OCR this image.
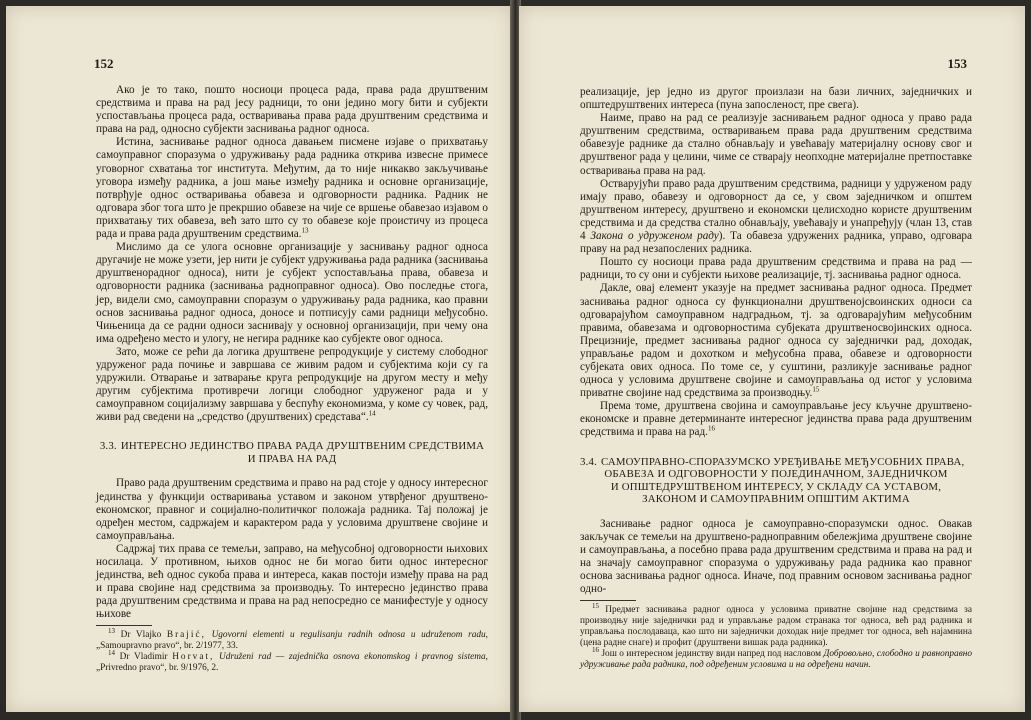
152

Ако је то тако, пошто носиоци процеса рада, права рада друштвеним средствима и права на рад јесу радници, то они једино могу бити и субјекти успостављања процеса рада, остваривања права рада друштвеним средствима и права на рад, односно субјекти заснивања радног односа.

Истина, заснивање радног односа давањем писмене изјаве о прихватању самоуправног споразума о удруживању рада радника открива извесне примесе уговорног схватања тог института. Међутим, да то није никакво закључивање уговора између радника, а још мање између радника и основне организације, потврђује однос остваривања обавеза и одговорности радника. Радник не одговара због тога што је прекршио обавезе на чије се вршење обавезао изјавом о прихватању тих обавеза, већ зато што су то обавезе које проистичу из процеса рада и права рада друштвеним средствима.$^{13}$

Мислимо да се улога основне организације у заснивању радног односа другачије не може узети, јер нити је субјект удруживања рада радника (заснивања друштвенорадног односа), нити је субјект успостављања права, обавеза и одговорности радника (заснивања радноправног односа). Ово последње стога, јер, видели смо, самоуправни споразум о удруживању рада радника, као правни основ заснивања радног односа, доносе и потписују сами радници међусобно. Чињеница да се радни односи заснивају у основној организацији, при чему она има одређено место и улогу, не негира раднике као субјекте овог односа.

Зато, може се рећи да логика друштвене репродукције у систему слободног удруженог рада почиње и завршава се живим радом и субјектима који су га удружили. Отварање и затварање круга репродукције на другом месту и међу другим субјектима противречи логици слободног удруженог рада и у самоуправном социјализму завршава у беспућу економизма, у коме су човек, рад, живи рад сведени на „средство (друштвених) средстава“.$^{14}$

3.3. ИНТЕРЕСНО ЈЕДИНСТВО ПРАВА РАДА ДРУШТВЕНИМ СРЕДСТВИМА
И ПРАВА НА РАД

Право рада друштвеним средствима и право на рад стоје у односу интересног јединства у функцији остваривања уставом и законом утврђеног друштвено-економског, правног и социјално-политичког положаја радника. Тај положај је одређен местом, садржајем и карактером рада у условима друштвене својине и самоуправљања.

Садржај тих права се темељи, заправо, на међусобној одговорности њихових носилаца. У противном, њихов однос не би могао бити однос интересног јединства, већ однос сукоба права и интереса, какав постоји између права на рад и права својине над средствима за производњу. То интересно јединство права рада друштвеним средствима и права на рад непосредно се манифестује у односу њихове

$^{13}$ Dr Vlajko Brajić, Ugovorni elementi u regulisanju radnih odnosa u udruženom radu, „Samoupravno pravo“, br. 2/1977, 33.

$^{14}$ Dr Vladimir Horvat, Udruženi rad — zajednička osnova ekonomskog i pravnog sistema, „Privredno pravo“, br. 9/1976, 2.

153

реализације, јер једно из другог произлази на бази личних, заједничких и општедруштвених интереса (пуна запосленост, пре свега).

Наиме, право на рад се реализује заснивањем радног односа у право рада друштвеним средствима, остваривањем права рада друштвеним средствима обавезује раднике да стално обнављају и увећавају материјалну основу свог и друштвеног рада у целини, чиме се стварају неопходне материјалне претпоставке остваривања права на рад.

Остварујући право рада друштвеним средствима, радници у удруженом раду имају право, обавезу и одговорност да се, у свом заједничком и општем друштвеном интересу, друштвено и економски целисходно користе друштвеним средствима и да средства стално обнављају, увећавају и унапређују (члан 13, став 4 Закона о удруженом раду). Та обавеза удружених радника, управо, одговара праву на рад незапослених радника.

Пошто су носиоци права рада друштвеним средствима и права на рад — радници, то су они и субјекти њихове реализације, тј. заснивања радног односа.

Дакле, овај елемент указује на предмет заснивања радног односа. Предмет заснивања радног односа су функционални друштвенојсвоинских односи са одговарајућом самоуправном надградњом, тј. за одговарајућим међусобним правима, обавезама и одговорностима субјеката друштвеносвојинских односа. Прецизније, предмет заснивања радног односа су заједнички рад, доходак, управљање радом и дохотком и међусобна права, обавезе и одговорности субјеката ових односа. По томе се, у суштини, разликује заснивање радног односа у условима друштвене својине и самоуправљања од истог у условима приватне својине над средствима за производњу.$^{15}$

Према томе, друштвена својина и самоуправљање јесу кључне друштвено-економске и правне детерминанте интересног јединства права рада друштвеним средствима и права на рад.$^{16}$

3.4. САМОУПРАВНО-СПОРАЗУМСКО УРЕЂИВАЊЕ МЕЂУСОБНИХ ПРАВА,
ОБАВЕЗА И ОДГОВОРНОСТИ У ПОЈЕДИНАЧНОМ, ЗАЈЕДНИЧКОМ
И ОПШТЕДРУШТВЕНОМ ИНТЕРЕСУ, У СКЛАДУ СА УСТАВОМ,
ЗАКОНОМ И САМОУПРАВНИМ ОПШТИМ АКТИМА

Заснивање радног односа је самоуправно-споразумски однос. Овакав закључак се темељи на друштвено-радноправним обележјима друштвене својине и самоуправљања, а посебно права рада друштвеним средствима и права на рад и на значају самоуправног споразума о удруживању рада радника као правног основа заснивања радног односа. Иначе, под правним основом заснивања радног одно-

$^{15}$ Предмет заснивања радног односа у условима приватне својине над средствима за производњу није заједнички рад и управљање радом странака тог односа, већ рад радника и управљања послодаваца, као што ни заједнички доходак није предмет тог односа, већ најамнина (цена радне снаге) и профит (друштвени вишак рада радника).

$^{16}$ Још о интересном јединству види напред под насловом Добровољно, слободно и равноправно удруживање рада радника, под одређеним условима и на одређени начин.
